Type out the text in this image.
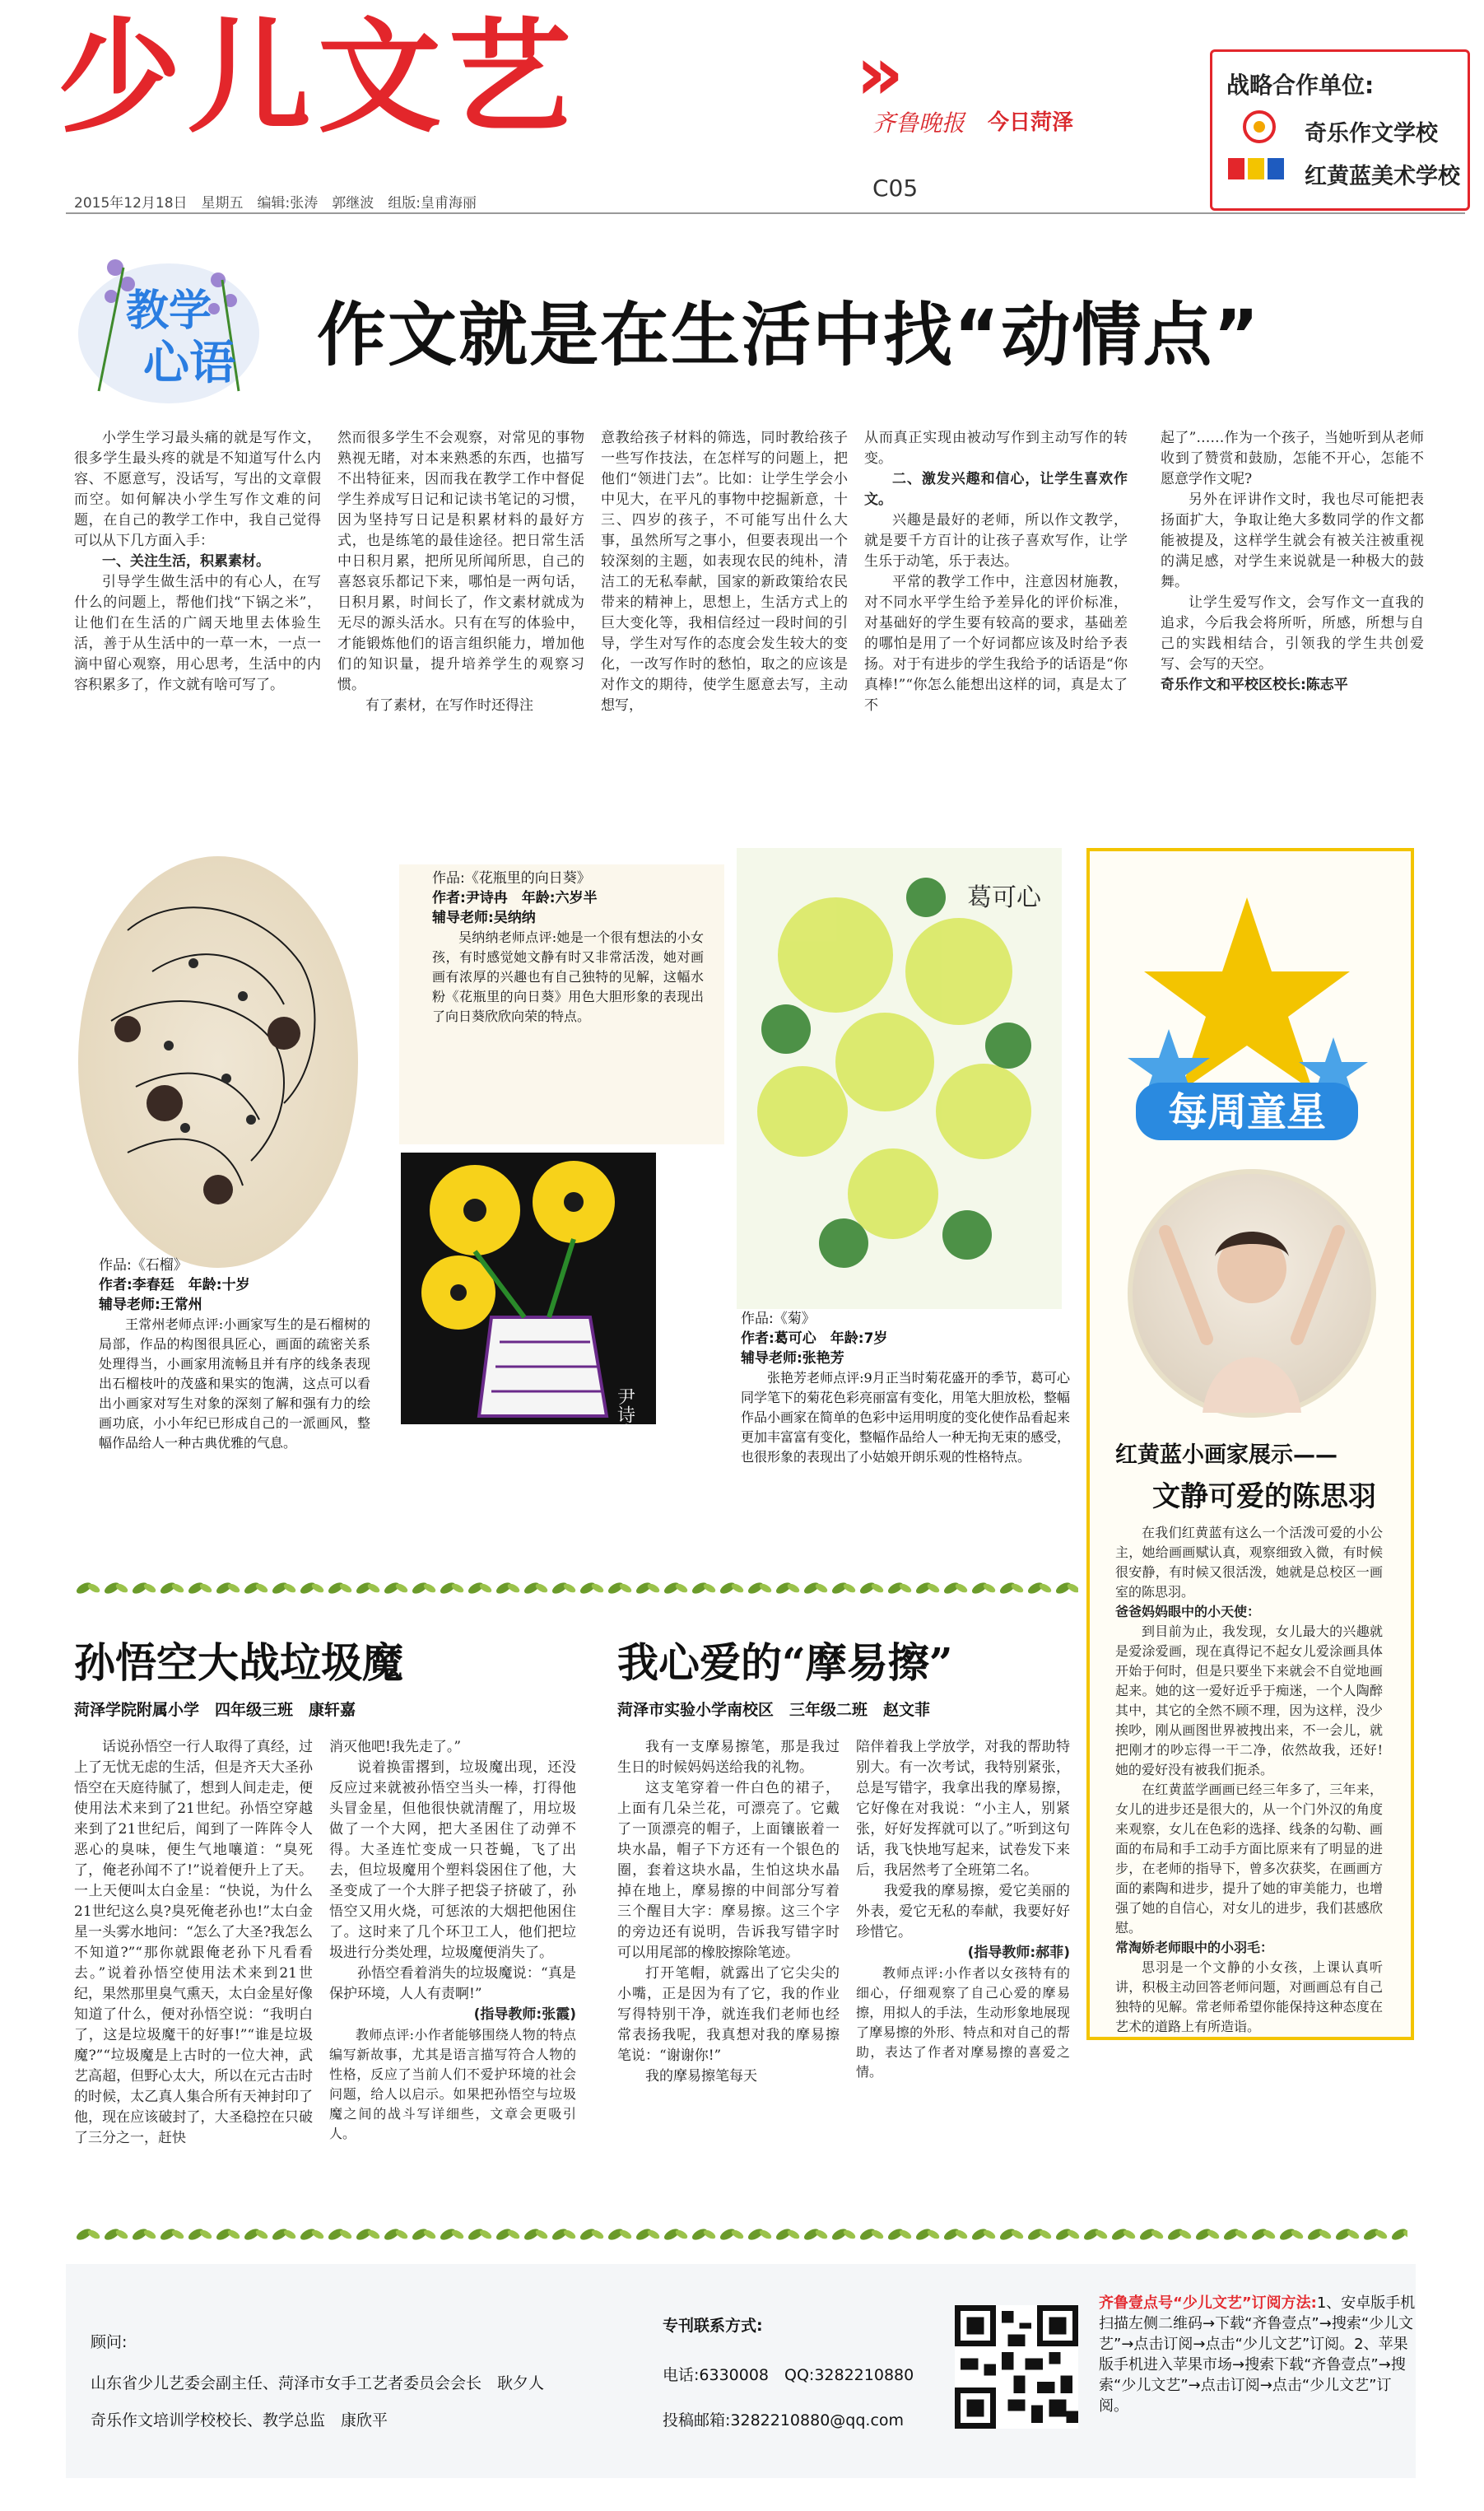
少儿文艺	»
齐鲁晚报 今日菏泽
2015年12月18日　星期五　编辑:张涛　郭继波　组版:皇甫海丽
C05
战略合作单位:
奇乐作文学校
红黄蓝美术学校
教学
心语 作文就是在生活中找“动情点”

小学生学习最头痛的就是写作文，很多学生最头疼的就是不知道写什么内容、不愿意写，没话写，写出的文章假而空。如何解决小学生写作文难的问题，在自己的教学工作中，我自己觉得可以从下几方面入手：

一、关注生活，积累素材。

引导学生做生活中的有心人，在写什么的问题上，帮他们找“下锅之米”，让他们在生活的广阔天地里去体验生活，善于从生活中的一草一木，一点一滴中留心观察，用心思考，生活中的内容积累多了，作文就有啥可写了。

然而很多学生不会观察，对常见的事物熟视无睹，对本来熟悉的东西，也描写不出特征来，因而我在教学工作中督促学生养成写日记和记读书笔记的习惯，因为坚持写日记是积累材料的最好方式，也是练笔的最佳途径。把日常生活中日积月累，把所见所闻所思，自己的喜怒哀乐都记下来，哪怕是一两句话，日积月累，时间长了，作文素材就成为无尽的源头活水。只有在写的体验中，才能锻炼他们的语言组织能力，增加他们的知识量，提升培养学生的观察习惯。

有了素材，在写作时还得注

意教给孩子材料的筛选，同时教给孩子一些写作技法，在怎样写的问题上，把他们“领进门去”。比如：让学生学会小中见大，在平凡的事物中挖掘新意，十三、四岁的孩子，不可能写出什么大事，虽然所写之事小，但要表现出一个较深刻的主题，如表现农民的纯朴，清洁工的无私奉献，国家的新政策给农民带来的精神上，思想上，生活方式上的巨大变化等，我相信经过一段时间的引导，学生对写作的态度会发生较大的变化，一改写作时的愁怕，取之的应该是对作文的期待，使学生愿意去写，主动想写，

从而真正实现由被动写作到主动写作的转变。

二、激发兴趣和信心，让学生喜欢作文。

兴趣是最好的老师，所以作文教学，就是要千方百计的让孩子喜欢写作，让学生乐于动笔，乐于表达。

平常的教学工作中，注意因材施教，对不同水平学生给予差异化的评价标准，对基础好的学生要有较高的要求，基础差的哪怕是用了一个好词都应该及时给予表扬。对于有进步的学生我给予的话语是“你真棒!”“你怎么能想出这样的词，真是太了不

起了”……作为一个孩子，当她听到从老师收到了赞赏和鼓励，怎能不开心，怎能不愿意学作文呢?

另外在评讲作文时，我也尽可能把表扬面扩大，争取让绝大多数同学的作文都能被提及，这样学生就会有被关注被重视的满足感，对学生来说就是一种极大的鼓舞。

让学生爱写作文，会写作文一直我的追求，今后我会将所听，所感，所想与自己的实践相结合，引领我的学生共创爱写、会写的天空。

奇乐作文和平校区校长:陈志平

作品:《石榴》
作者:李春廷　年龄:十岁
辅导老师:王常州
王常州老师点评:小画家写生的是石榴树的局部，作品的构图很具匠心，画面的疏密关系处理得当，小画家用流畅且并有序的线条表现出石榴枝叶的茂盛和果实的饱满，这点可以看出小画家对写生对象的深刻了解和强有力的绘画功底，小小年纪已形成自己的一派画风，整幅作品给人一种古典优雅的气息。
作品:《花瓶里的向日葵》
作者:尹诗冉　年龄:六岁半
辅导老师:吴纳纳
吴纳纳老师点评:她是一个很有想法的小女孩，有时感觉她文静有时又非常活泼，她对画画有浓厚的兴趣也有自己独特的见解，这幅水粉《花瓶里的向日葵》用色大胆形象的表现出了向日葵欣欣向荣的特点。
尹诗冉
葛可心
作品:《菊》
作者:葛可心　年龄:7岁
辅导老师:张艳芳
张艳芳老师点评:9月正当时菊花盛开的季节，葛可心同学笔下的菊花色彩亮丽富有变化，用笔大胆放松，整幅作品小画家在简单的色彩中运用明度的变化使作品看起来更加丰富富有变化，整幅作品给人一种无拘无束的感受，也很形象的表现出了小姑娘开朗乐观的性格特点。
每周童星
红黄蓝小画家展示——
文静可爱的陈思羽

在我们红黄蓝有这么一个活泼可爱的小公主，她给画画赋认真，观察细致入微，有时候很安静，有时候又很活泼，她就是总校区一画室的陈思羽。

爸爸妈妈眼中的小天使：

到目前为止，我发现，女儿最大的兴趣就是爱涂爱画，现在真得记不起女儿爱涂画具体开始于何时，但是只要坐下来就会不自觉地画起来。她的这一爱好近乎于痴迷，一个人陶醉其中，其它的全然不顾不理，因为这样，没少挨吵，刚从画图世界被拽出来，不一会儿，就把刚才的吵忘得一干二净，依然故我，还好!她的爱好没有被我们扼杀。

在红黄蓝学画画已经三年多了，三年来，女儿的进步还是很大的，从一个门外汉的角度来观察，女儿在色彩的选择、线条的勾勒、画面的布局和手工动手方面比原来有了明显的进步，在老师的指导下，曾多次获奖，在画画方面的素陶和进步，提升了她的审美能力，也增强了她的自信心，对女儿的进步，我们甚感欣慰。

常淘娇老师眼中的小羽毛：

思羽是一个文静的小女孩，上课认真听讲，积极主动回答老师问题，对画画总有自己独特的见解。常老师希望你能保持这种态度在艺术的道路上有所造诣。

孙悟空大战垃圾魔
菏泽学院附属小学　四年级三班　康轩嘉

话说孙悟空一行人取得了真经，过上了无忧无虑的生活，但是齐天大圣孙悟空在天庭待腻了，想到人间走走，便使用法术来到了21世纪。孙悟空穿越来到了21世纪后，闻到了一阵阵令人恶心的臭味，便生气地嚷道：“臭死了，俺老孙闻不了!”说着便升上了天。一上天便叫太白金星：“快说，为什么21世纪这么臭?臭死俺老孙也!”太白金星一头雾水地问：“怎么了大圣?我怎么不知道?”“那你就跟俺老孙下凡看看去。”说着孙悟空使用法术来到21世纪，果然那里臭气熏天，太白金星好像知道了什么，便对孙悟空说：“我明白了，这是垃圾魔干的好事!”“谁是垃圾魔?”“垃圾魔是上古时的一位大神，武艺高超，但野心太大，所以在元古击时的时候，太乙真人集合所有天神封印了他，现在应该破封了，大圣稳控在只破了三分之一，赶快

消灭他吧!我先走了。”

说着换雷撂到，垃圾魔出现，还没反应过来就被孙悟空当头一棒，打得他头冒金星，但他很快就清醒了，用垃圾做了一个大网，把大圣困住了动弹不得。大圣连忙变成一只苍蝇，飞了出去，但垃圾魔用个塑料袋困住了他，大圣变成了一个大胖子把袋子挤破了，孙悟空又用火烧，可惩浓的大烟把他困住了。这时来了几个环卫工人，他们把垃圾进行分类处理，垃圾魔便消失了。

孙悟空看着消失的垃圾魔说：“真是保护环境，人人有责啊!”

(指导教师:张霞)

教师点评:小作者能够围绕人物的特点编写新故事，尤其是语言描写符合人物的性格，反应了当前人们不爱护环境的社会问题，给人以启示。如果把孙悟空与垃圾魔之间的战斗写详细些，文章会更吸引人。

我心爱的“摩易擦”
菏泽市实验小学南校区　三年级二班　赵文菲

我有一支摩易擦笔，那是我过生日的时候妈妈送给我的礼物。

这支笔穿着一件白色的裙子，上面有几朵兰花，可漂亮了。它戴了一顶漂亮的帽子，上面镶嵌着一块水晶，帽子下方还有一个银色的圈，套着这块水晶，生怕这块水晶掉在地上，摩易擦的中间部分写着三个醒目大字：摩易擦。这三个字的旁边还有说明，告诉我写错字时可以用尾部的橡胶擦除笔迹。

打开笔帽，就露出了它尖尖的小嘴，正是因为有了它，我的作业写得特别干净，就连我们老师也经常表扬我呢，我真想对我的摩易擦笔说：“谢谢你!”

我的摩易擦笔每天

陪伴着我上学放学，对我的帮助特别大。有一次考试，我特别紧张，总是写错字，我拿出我的摩易擦，它好像在对我说：“小主人，别紧张，好好发挥就可以了。”听到这句话，我飞快地写起来，试卷发下来后，我居然考了全班第二名。

我爱我的摩易擦，爱它美丽的外表，爱它无私的奉献，我要好好珍惜它。

(指导教师:郝菲)

教师点评:小作者以女孩特有的细心，仔细观察了自己心爱的摩易擦，用拟人的手法，生动形象地展现了摩易擦的外形、特点和对自己的帮助，表达了作者对摩易擦的喜爱之情。

顾问:
山东省少儿艺委会副主任、菏泽市女手工艺者委员会会长　耿夕人
奇乐作文培训学校校长、教学总监　康欣平
专刊联系方式:
电话:6330008　QQ:3282210880
投稿邮箱:3282210880@qq.com
齐鲁壹点号“少儿文艺”订阅方法:1、安卓版手机扫描左侧二维码→下载“齐鲁壹点”→搜索“少儿文艺”→点击订阅→点击“少儿文艺”订阅。2、苹果版手机进入苹果市场→搜索下载“齐鲁壹点”→搜索“少儿文艺”→点击订阅→点击“少儿文艺”订阅。
